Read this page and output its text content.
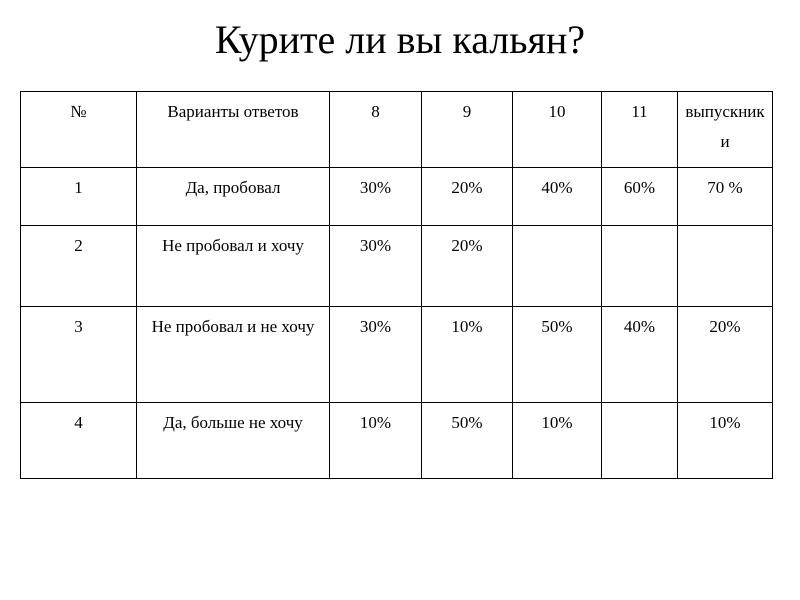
Курите ли вы кальян?
№	Варианты ответов	8	9	10	11	выпускники
1	Да, пробовал	30%	20%	40%	60%	70 %
2	Не пробовал и хочу	30%	20%			
3	Не пробовал и не хочу	30%	10%	50%	40%	20%
4	Да, больше не хочу	10%	50%	10%		10%
